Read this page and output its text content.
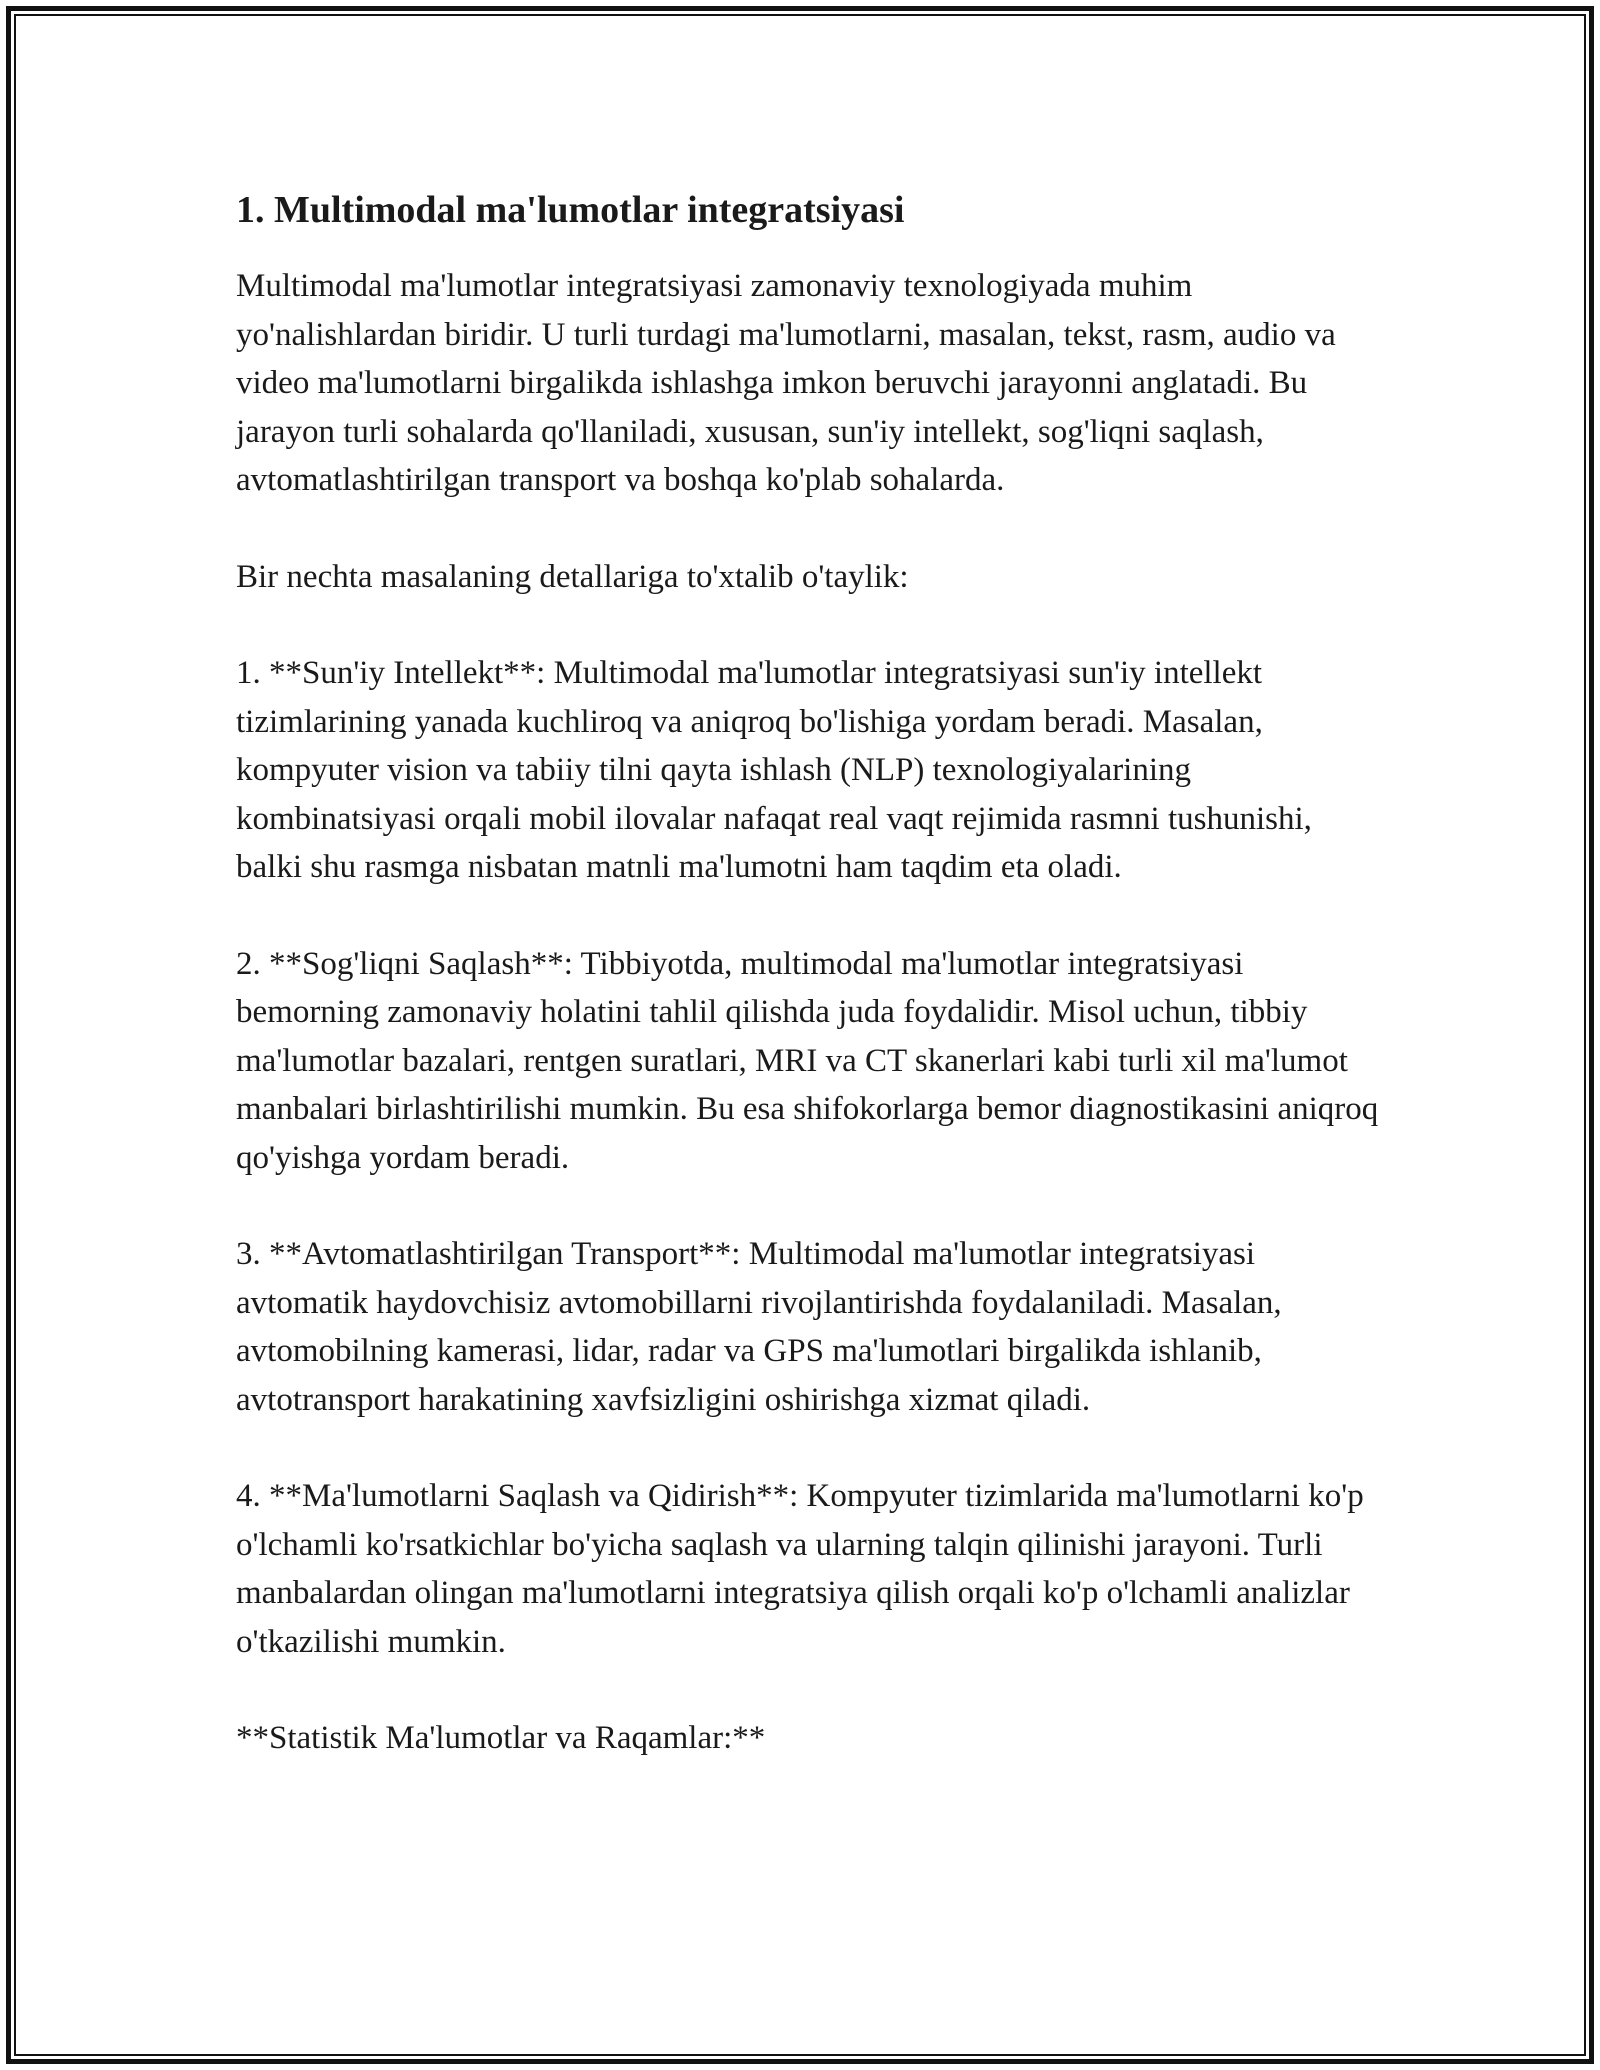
1. Multimodal ma'lumotlar integratsiyasi

Multimodal ma'lumotlar integratsiyasi zamonaviy texnologiyada muhim yo'nalishlardan biridir. U turli turdagi ma'lumotlarni, masalan, tekst, rasm, audio va video ma'lumotlarni birgalikda ishlashga imkon beruvchi jarayonni anglatadi. Bu jarayon turli sohalarda qo'llaniladi, xususan, sun'iy intellekt, sog'liqni saqlash, avtomatlashtirilgan transport va boshqa ko'plab sohalarda.

Bir nechta masalaning detallariga to'xtalib o'taylik:

1. **Sun'iy Intellekt**: Multimodal ma'lumotlar integratsiyasi sun'iy intellekt tizimlarining yanada kuchliroq va aniqroq bo'lishiga yordam beradi. Masalan, kompyuter vision va tabiiy tilni qayta ishlash (NLP) texnologiyalarining kombinatsiyasi orqali mobil ilovalar nafaqat real vaqt rejimida rasmni tushunishi, balki shu rasmga nisbatan matnli ma'lumotni ham taqdim eta oladi.

2. **Sog'liqni Saqlash**: Tibbiyotda, multimodal ma'lumotlar integratsiyasi bemorning zamonaviy holatini tahlil qilishda juda foydalidir. Misol uchun, tibbiy ma'lumotlar bazalari, rentgen suratlari, MRI va CT skanerlari kabi turli xil ma'lumot manbalari birlashtirilishi mumkin. Bu esa shifokorlarga bemor diagnostikasini aniqroq qo'yishga yordam beradi.

3. **Avtomatlashtirilgan Transport**: Multimodal ma'lumotlar integratsiyasi avtomatik haydovchisiz avtomobillarni rivojlantirishda foydalaniladi. Masalan, avtomobilning kamerasi, lidar, radar va GPS ma'lumotlari birgalikda ishlanib, avtotransport harakatining xavfsizligini oshirishga xizmat qiladi.

4. **Ma'lumotlarni Saqlash va Qidirish**: Kompyuter tizimlarida ma'lumotlarni ko'p o'lchamli ko'rsatkichlar bo'yicha saqlash va ularning talqin qilinishi jarayoni. Turli manbalardan olingan ma'lumotlarni integratsiya qilish orqali ko'p o'lchamli analizlar o'tkazilishi mumkin.

**Statistik Ma'lumotlar va Raqamlar:**
